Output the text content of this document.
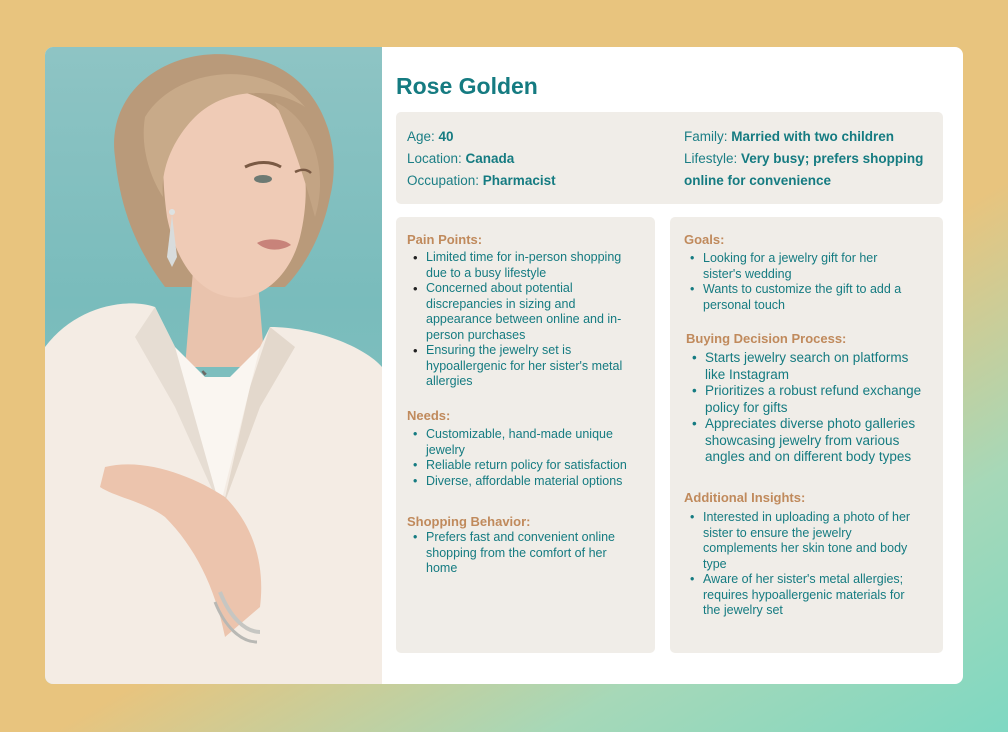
Rose Golden
Age: 40
Location: Canada
Occupation: Pharmacist
Family: Married with two children
Lifestyle: Very busy; prefers shopping online for convenience
Pain Points:
• Limited time for in-person shopping due to a busy lifestyle
• Concerned about potential discrepancies in sizing and appearance between online and in-person purchases
• Ensuring the jewelry set is hypoallergenic for her sister's metal allergies
Needs:
• Customizable, hand-made unique jewelry
• Reliable return policy for satisfaction
• Diverse, affordable material options
Shopping Behavior:
• Prefers fast and convenient online shopping from the comfort of her home
Goals:
• Looking for a jewelry gift for her sister's wedding
• Wants to customize the gift to add a personal touch
Buying Decision Process:
• Starts jewelry search on platforms like Instagram
• Prioritizes a robust refund exchange policy for gifts
• Appreciates diverse photo galleries showcasing jewelry from various angles and on different body types
Additional Insights:
• Interested in uploading a photo of her sister to ensure the jewelry complements her skin tone and body type
• Aware of her sister's metal allergies; requires hypoallergenic materials for the jewelry set
